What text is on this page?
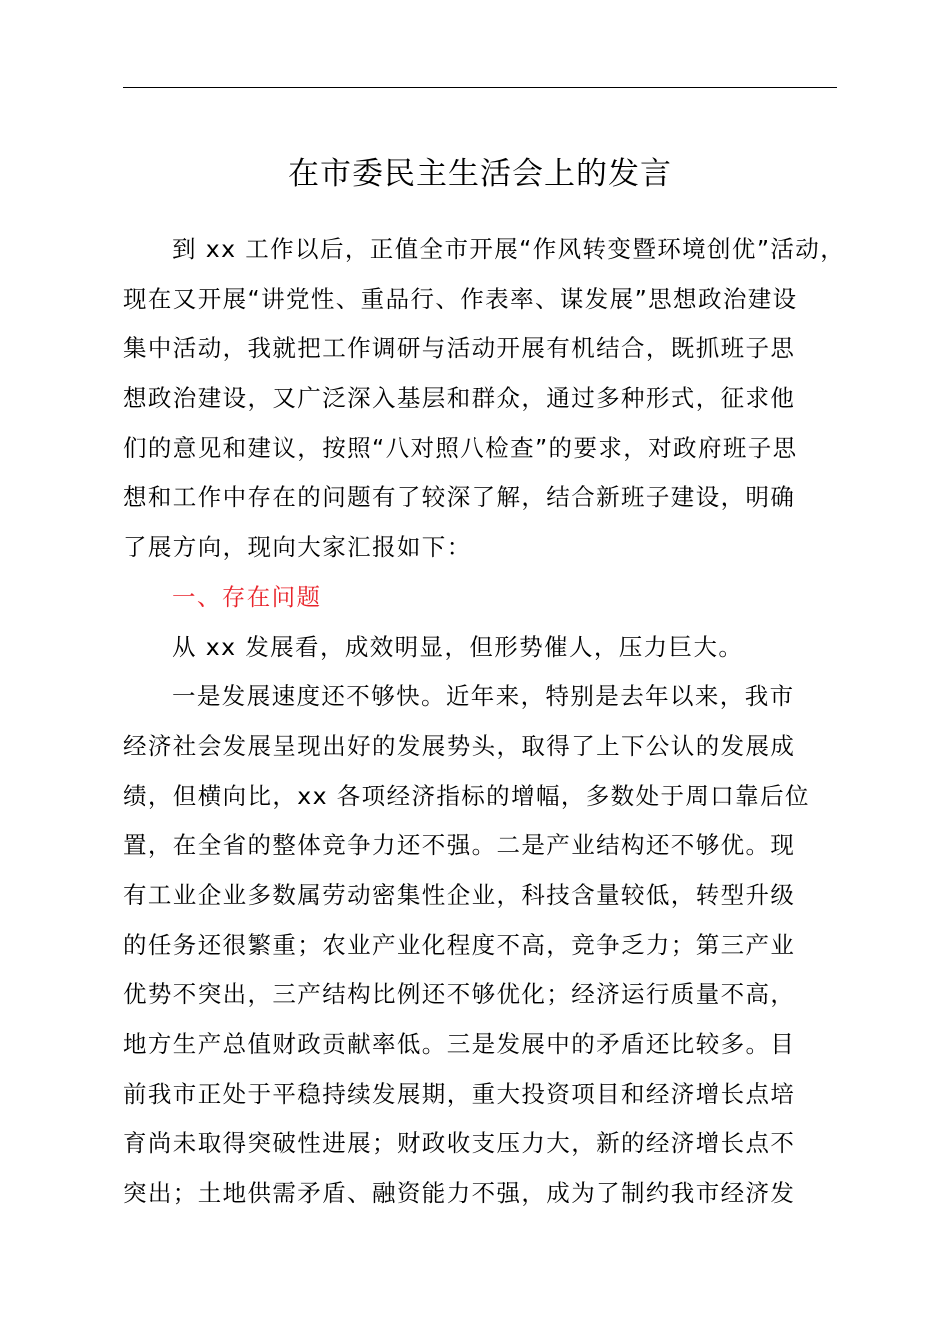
在市委民主生活会上的发言
到 xx 工作以后，正值全市开展“作风转变暨环境创优”活动，
现在又开展“讲党性、重品行、作表率、谋发展”思想政治建设
集中活动，我就把工作调研与活动开展有机结合，既抓班子思
想政治建设，又广泛深入基层和群众，通过多种形式，征求他
们的意见和建议，按照“八对照八检查”的要求，对政府班子思
想和工作中存在的问题有了较深了解，结合新班子建设，明确
了展方向，现向大家汇报如下：
一、存在问题
从 xx 发展看，成效明显，但形势催人，压力巨大。
一是发展速度还不够快。近年来，特别是去年以来，我市
经济社会发展呈现出好的发展势头，取得了上下公认的发展成
绩，但横向比，xx 各项经济指标的增幅，多数处于周口靠后位
置，在全省的整体竞争力还不强。二是产业结构还不够优。现
有工业企业多数属劳动密集性企业，科技含量较低，转型升级
的任务还很繁重；农业产业化程度不高，竞争乏力；第三产业
优势不突出，三产结构比例还不够优化；经济运行质量不高，
地方生产总值财政贡献率低。三是发展中的矛盾还比较多。目
前我市正处于平稳持续发展期，重大投资项目和经济增长点培
育尚未取得突破性进展；财政收支压力大，新的经济增长点不
突出；土地供需矛盾、融资能力不强，成为了制约我市经济发
